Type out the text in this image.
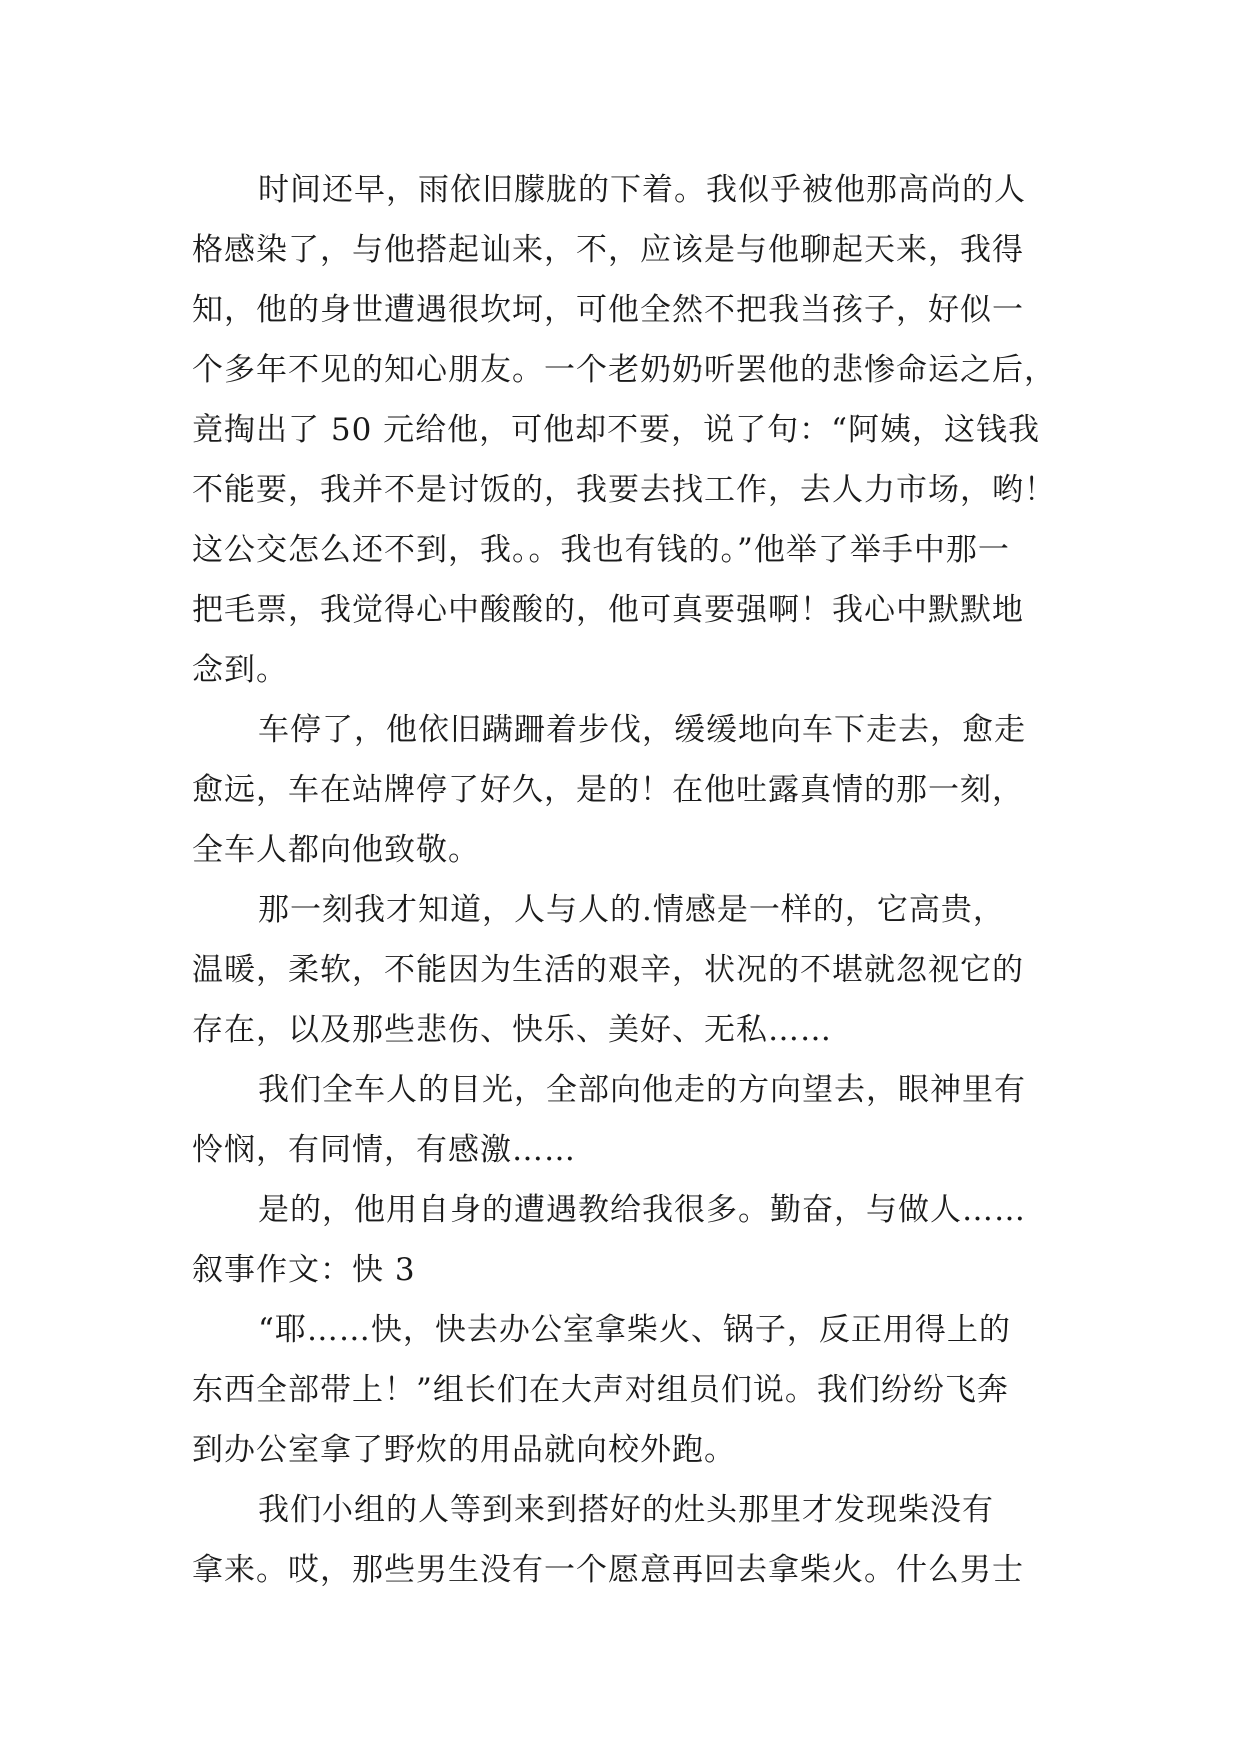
时间还早，雨依旧朦胧的下着。我似乎被他那高尚的人
格感染了，与他搭起讪来，不，应该是与他聊起天来，我得
知，他的身世遭遇很坎坷，可他全然不把我当孩子，好似一
个多年不见的知心朋友。一个老奶奶听罢他的悲惨命运之后，
竟掏出了 50 元给他，可他却不要，说了句：“阿姨，这钱我
不能要，我并不是讨饭的，我要去找工作，去人力市场，哟！
这公交怎么还不到，我。。我也有钱的。”他举了举手中那一
把毛票，我觉得心中酸酸的，他可真要强啊！我心中默默地
念到。
车停了，他依旧蹒跚着步伐，缓缓地向车下走去，愈走
愈远，车在站牌停了好久，是的！在他吐露真情的那一刻，
全车人都向他致敬。
那一刻我才知道，人与人的.情感是一样的，它高贵，
温暖，柔软，不能因为生活的艰辛，状况的不堪就忽视它的
存在，以及那些悲伤、快乐、美好、无私……
我们全车人的目光，全部向他走的方向望去，眼神里有
怜悯，有同情，有感激……
是的，他用自身的遭遇教给我很多。勤奋，与做人……
叙事作文：快 3
“耶……快，快去办公室拿柴火、锅子，反正用得上的
东西全部带上！”组长们在大声对组员们说。我们纷纷飞奔
到办公室拿了野炊的用品就向校外跑。
我们小组的人等到来到搭好的灶头那里才发现柴没有
拿来。哎，那些男生没有一个愿意再回去拿柴火。什么男士
